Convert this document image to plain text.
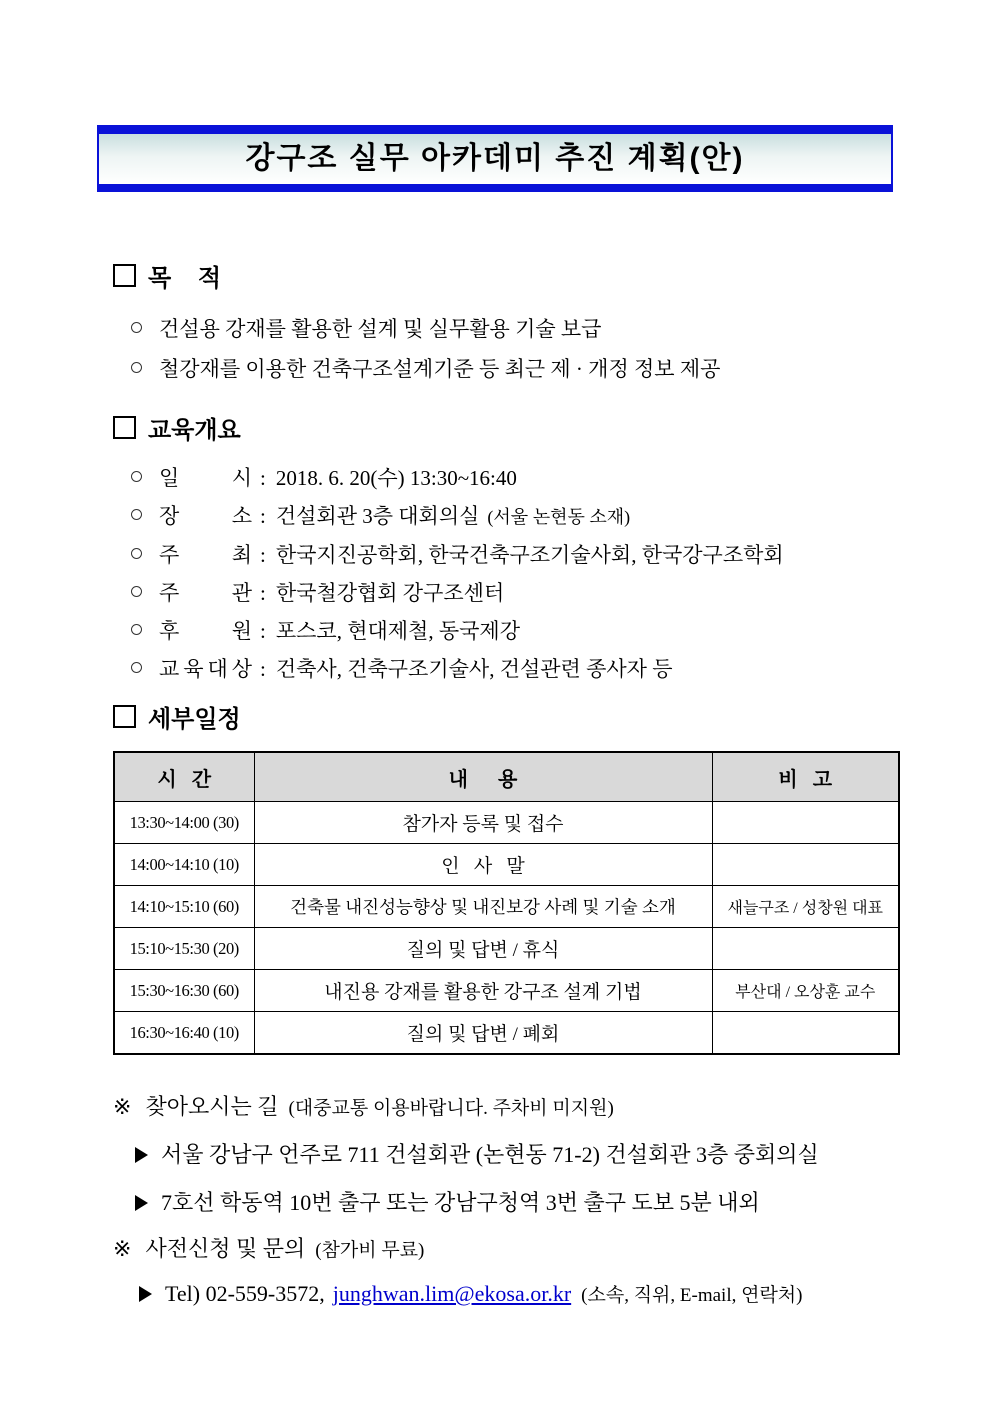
강구조 실무 아카데미 추진 계획(안)
목    적
건설용 강재를 활용한 설계 및 실무활용 기술 보급
철강재를 이용한 건축구조설계기준 등 최근 제 · 개정 정보 제공
교육개요
일 시 : 2018. 6. 20(수) 13:30~16:40
장 소 : 건설회관 3층 대회의실 (서울 논현동 소재)
주 최 : 한국지진공학회, 한국건축구조기술사회, 한국강구조학회
주 관 : 한국철강협회 강구조센터
후 원 : 포스코, 현대제철, 동국제강
교 육 대 상 : 건축사, 건축구조기술사, 건설관련 종사자 등
세부일정
시   간	내      용	비   고
13:30~14:00 (30)	참가자 등록 및 접수	
14:00~14:10 (10)	인   사   말	
14:10~15:10 (60)	건축물 내진성능향상 및 내진보강 사례 및 기술 소개	새늘구조 / 성창원 대표
15:10~15:30 (20)	질의 및 답변 / 휴식	
15:30~16:30 (60)	내진용 강재를 활용한 강구조 설계 기법	부산대 / 오상훈 교수
16:30~16:40 (10)	질의 및 답변 / 폐회	
※ 찾아오시는 길 (대중교통 이용바랍니다. 주차비 미지원)
서울 강남구 언주로 711 건설회관 (논현동 71-2) 건설회관 3층 중회의실
7호선 학동역 10번 출구 또는 강남구청역 3번 출구 도보 5분 내외
※ 사전신청 및 문의 (참가비 무료)
Tel) 02-559-3572, junghwan.lim@ekosa.or.kr (소속, 직위, E-mail, 연락처)
